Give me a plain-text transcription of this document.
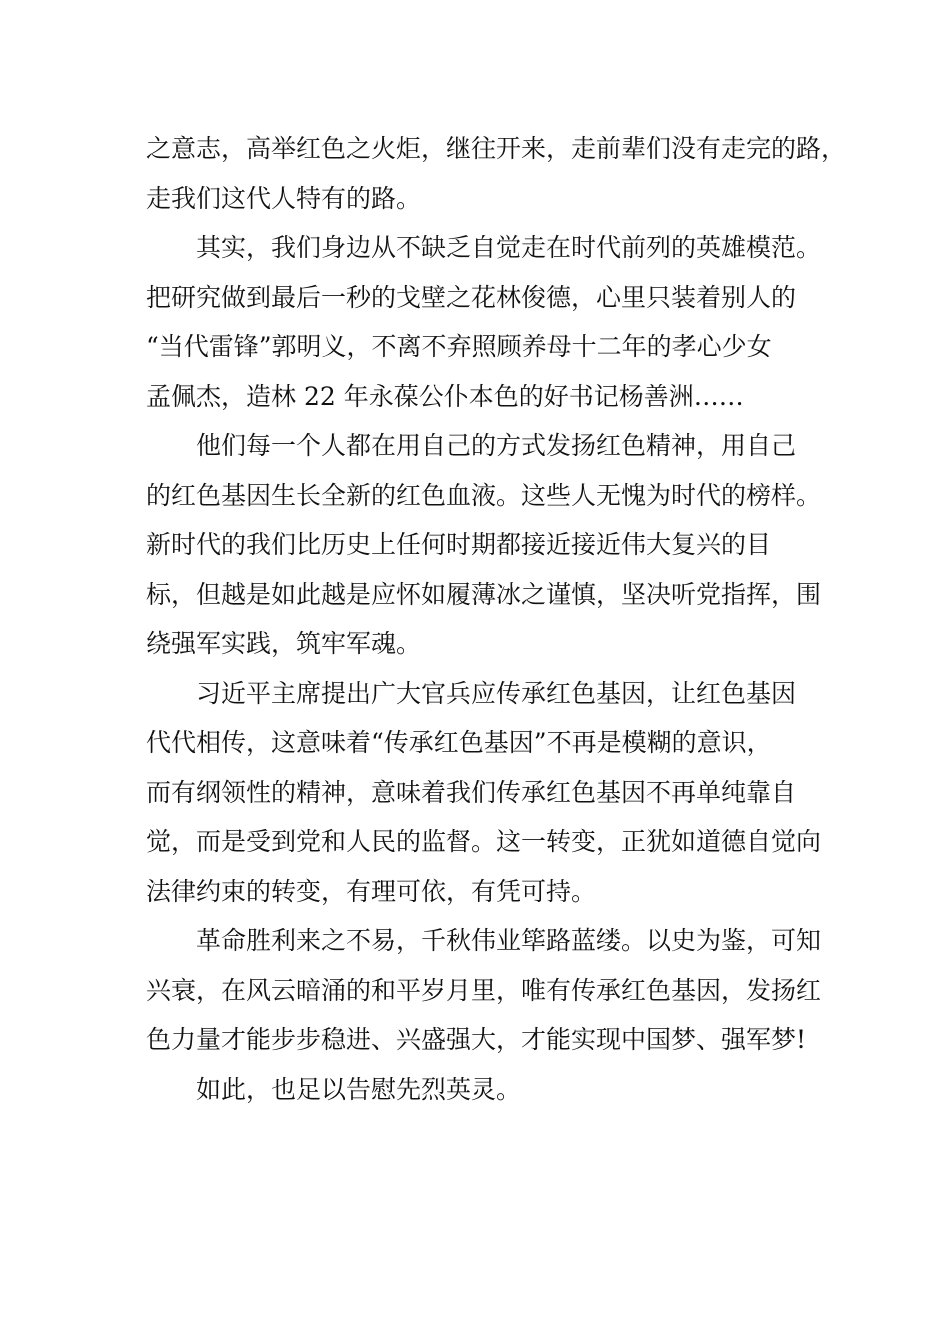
之意志，高举红色之火炬，继往开来，走前辈们没有走完的路，
走我们这代人特有的路。
其实，我们身边从不缺乏自觉走在时代前列的英雄模范。
把研究做到最后一秒的戈壁之花林俊德，心里只装着别人的
“当代雷锋”郭明义，不离不弃照顾养母十二年的孝心少女
孟佩杰，造林 22 年永葆公仆本色的好书记杨善洲……
他们每一个人都在用自己的方式发扬红色精神，用自己
的红色基因生长全新的红色血液。这些人无愧为时代的榜样。
新时代的我们比历史上任何时期都接近接近伟大复兴的目
标，但越是如此越是应怀如履薄冰之谨慎，坚决听党指挥，围
绕强军实践，筑牢军魂。
习近平主席提出广大官兵应传承红色基因，让红色基因
代代相传，这意味着“传承红色基因”不再是模糊的意识，
而有纲领性的精神，意味着我们传承红色基因不再单纯靠自
觉，而是受到党和人民的监督。这一转变，正犹如道德自觉向
法律约束的转变，有理可依，有凭可持。
革命胜利来之不易，千秋伟业筚路蓝缕。以史为鉴，可知
兴衰，在风云暗涌的和平岁月里，唯有传承红色基因，发扬红
色力量才能步步稳进、兴盛强大，才能实现中国梦、强军梦!
如此，也足以告慰先烈英灵。
